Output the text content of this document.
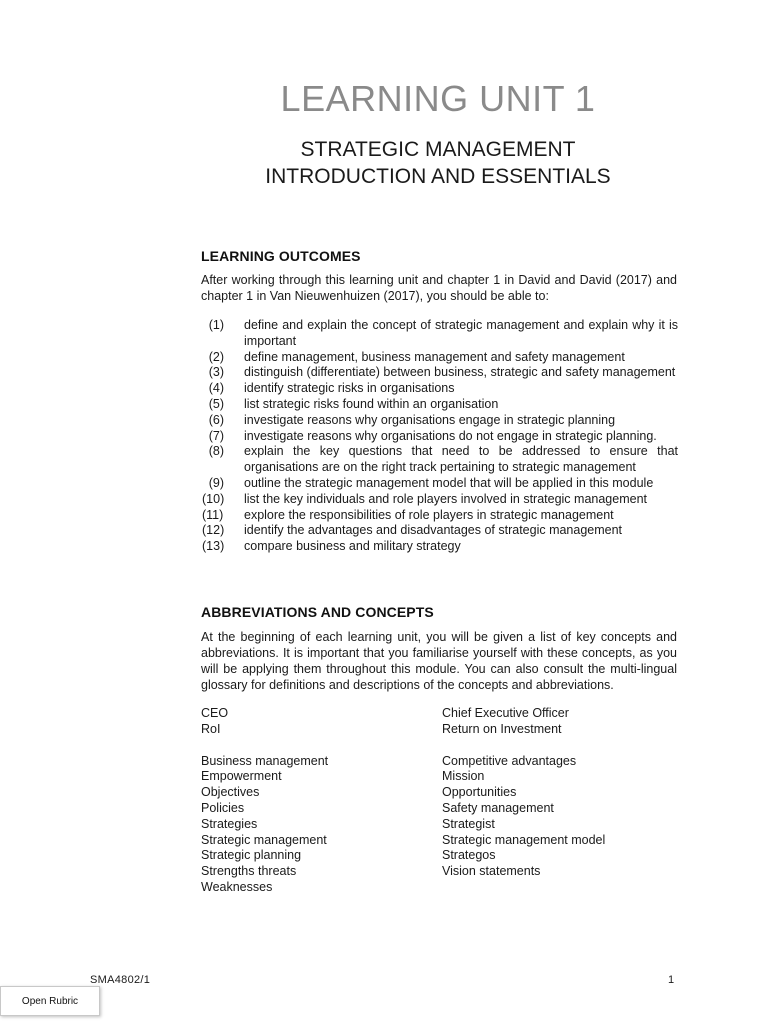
LEARNING UNIT 1
STRATEGIC MANAGEMENT
INTRODUCTION AND ESSENTIALS
LEARNING OUTCOMES
After working through this learning unit and chapter 1 in David and David (2017) and chapter 1 in Van Nieuwenhuizen (2017), you should be able to:
(1)	define and explain the concept of strategic management and explain why it is important
(2)	define management, business management and safety management
(3)	distinguish (differentiate) between business, strategic and safety management
(4)	identify strategic risks in organisations
(5)	list strategic risks found within an organisation
(6)	investigate reasons why organisations engage in strategic planning
(7)	investigate reasons why organisations do not engage in strategic planning.
(8)	explain the key questions that need to be addressed to ensure that organisations are on the right track pertaining to strategic management
(9)	outline the strategic management model that will be applied in this module
(10)	list the key individuals and role players involved in strategic management
(11)	explore the responsibilities of role players in strategic management
(12)	identify the advantages and disadvantages of strategic management
(13)	compare business and military strategy
ABBREVIATIONS AND CONCEPTS
At the beginning of each learning unit, you will be given a list of key concepts and abbreviations. It is important that you familiarise yourself with these concepts, as you will be applying them throughout this module. You can also consult the multi-lingual glossary for definitions and descriptions of the concepts and abbreviations.
CEO	Chief Executive Officer
RoI	Return on Investment
Business management	Competitive advantages
Empowerment	Mission
Objectives	Opportunities
Policies	Safety management
Strategies	Strategist
Strategic management	Strategic management model
Strategic planning	Strategos
Strengths threats	Vision statements
Weaknesses
SMA4802/1	1
Open Rubric
